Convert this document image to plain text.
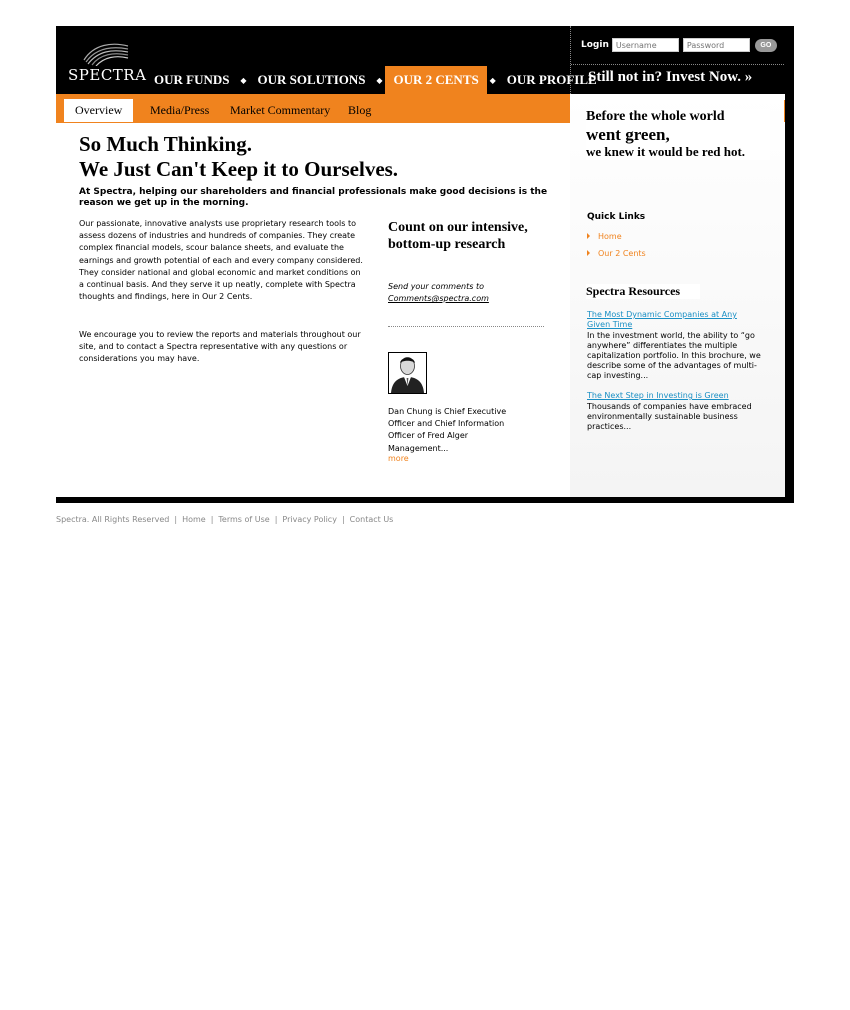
SPECTRA OUR FUNDS	◆ OUR SOLUTIONS	◆ OUR 2 CENTS	◆ OUR PROFILE
Login
Username	GO
Still not in? Invest Now. »
Overview	Media/Press Market Commentary Blog	Before the whole world
went green,
we knew it would be red hot.
Quick Links
Home
Our 2 Cents
Spectra Resources
The Most Dynamic Companies at Any Given Time
In the investment world, the ability to “go anywhere” differentiates the multiple capitalization portfolio. In this brochure, we describe some of the advantages of multi-cap investing...
The Next Step in Investing is Green
Thousands of companies have embraced environmentally sustainable business practices...
So Much Thinking.
We Just Can't Keep it to Ourselves.
At Spectra, helping our shareholders and financial professionals make good decisions is the reason we get up in the morning.
Our passionate, innovative analysts use proprietary research tools to assess dozens of industries and hundreds of companies. They create complex financial models, scour balance sheets, and evaluate the earnings and growth potential of each and every company considered. They consider national and global economic and market conditions on a continual basis. And they serve it up neatly, complete with Spectra thoughts and findings, here in Our 2 Cents.
We encourage you to review the reports and materials throughout our site, and to contact a Spectra representative with any questions or considerations you may have.
Count on our intensive,
bottom-up research
Send your comments to
Comments@spectra.com
Dan Chung is Chief Executive Officer and Chief Information Officer of Fred Alger Management...
more
Spectra. All Rights Reserved | Home | Terms of Use | Privacy Policy | Contact Us
